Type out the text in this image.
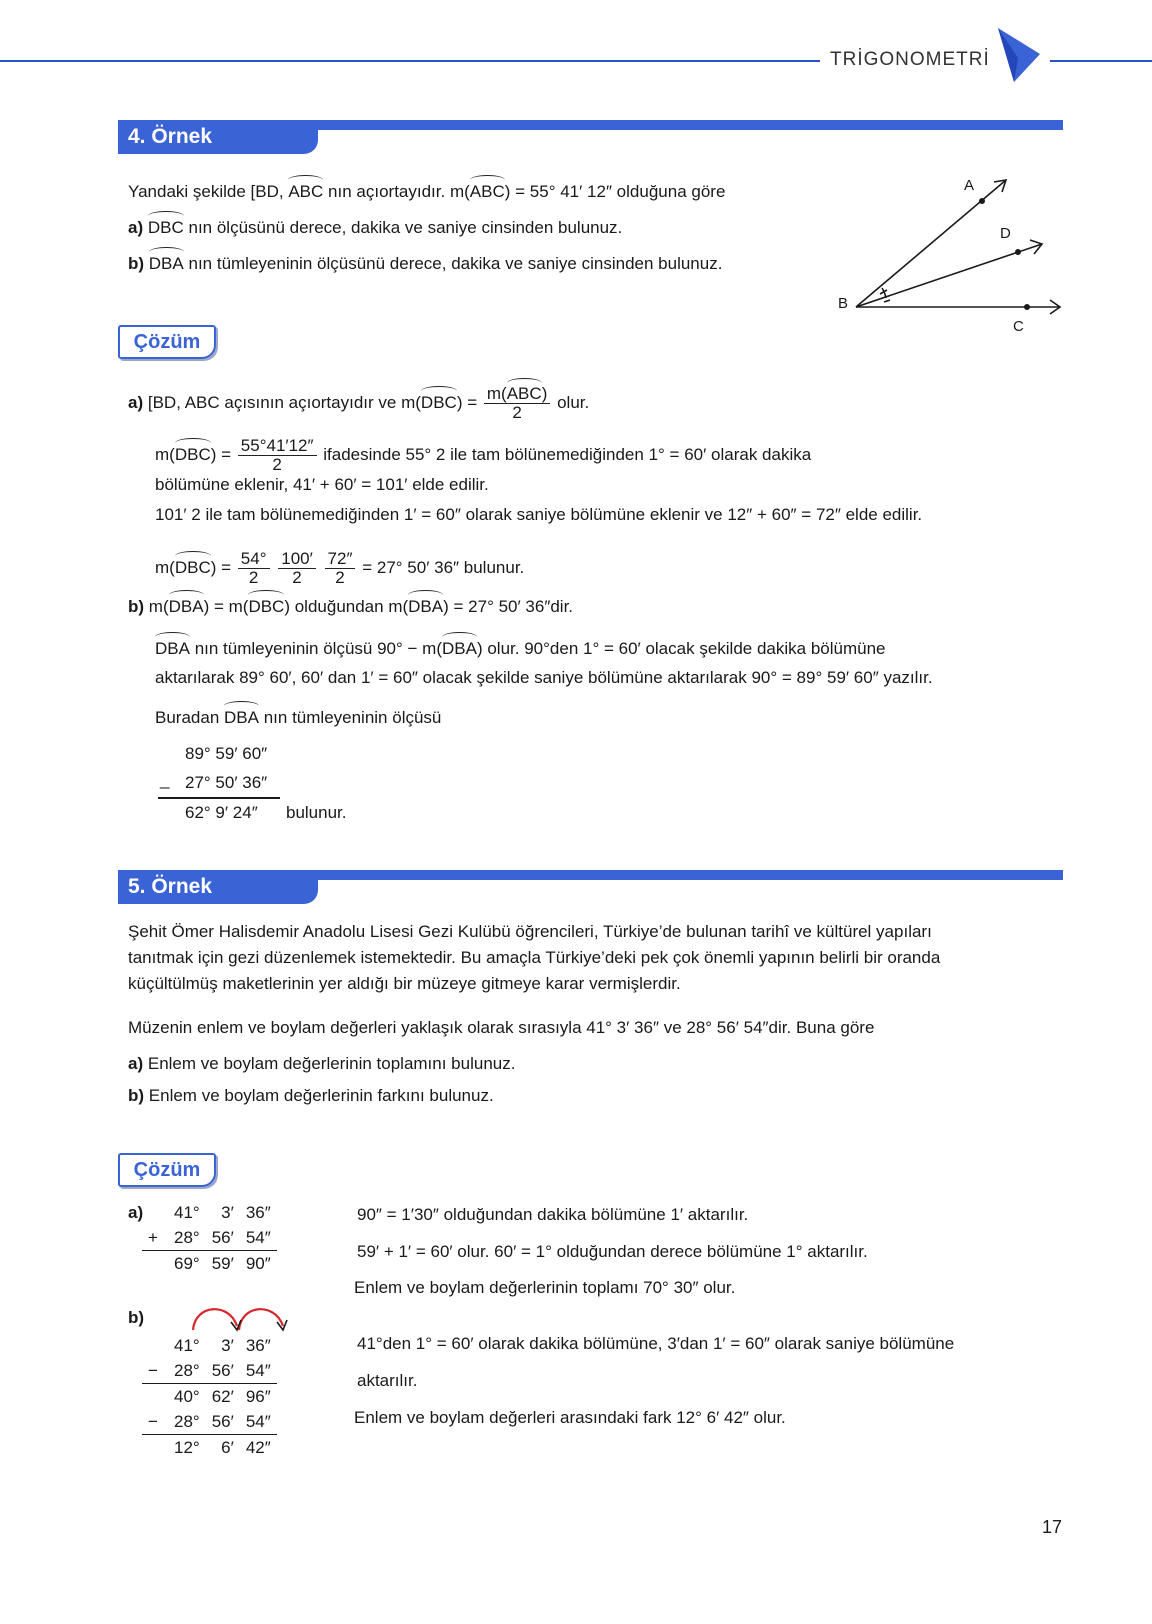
TRİGONOMETRİ
4. Örnek
Yandaki şekilde [BD, ABC nın açıortayıdır. m(ABC) = 55° 41′ 12″ olduğuna göre
a) DBC nın ölçüsünü derece, dakika ve saniye cinsinden bulunuz.
b) DBA nın tümleyeninin ölçüsünü derece, dakika ve saniye cinsinden bulunuz.
A
D
B
C
Çözüm
a) [BD, ABC açısının açıortayıdır ve $m(DBC) = \frac{\text{m(ABC)}}{2}$ olur.
$m(DBC) = \frac{55^\circ 41'12''}{2}$ ifadesinde 55° 2 ile tam bölünemediğinden 1° = 60′ olarak dakika
bölümüne eklenir, 41′ + 60′ = 101′ elde edilir.
101′ 2 ile tam bölünemediğinden 1′ = 60″ olarak saniye bölümüne eklenir ve 12″ + 60″ = 72″ elde edilir.
$m(DBC) = \frac{54^\circ}{2}$
$\frac{100'}{2}$
$\frac{72''}{2} = 27^\circ$ 50′ 36″ bulunur.
b) m(DBA) = m(DBC) olduğundan m(DBA) = 27° 50′ 36″dir.
DBA nın tümleyeninin ölçüsü 90° − m(DBA) olur. 90°den 1° = 60′ olacak şekilde dakika bölümüne
aktarılarak 89° 60′, 60′ dan 1′ = 60″ olacak şekilde saniye bölümüne aktarılarak 90° = 89° 59′ 60″ yazılır.
Buradan DBA nın tümleyeninin ölçüsü
89° 59′ 60″
_ 27° 50′ 36″
62° 9′ 24″ bulunur.
5. Örnek
Şehit Ömer Halisdemir Anadolu Lisesi Gezi Kulübü öğrencileri, Türkiye’de bulunan tarihî ve kültürel yapıları
tanıtmak için gezi düzenlemek istemektedir. Bu amaçla Türkiye’deki pek çok önemli yapının belirli bir oranda
küçültülmüş maketlerinin yer aldığı bir müzeye gitmeye karar vermişlerdir.
Müzenin enlem ve boylam değerleri yaklaşık olarak sırasıyla 41° 3′ 36″ ve 28° 56′ 54″dir. Buna göre
a) Enlem ve boylam değerlerinin toplamını bulunuz.
b) Enlem ve boylam değerlerinin farkını bulunuz.
Çözüm
a)
	41°	3′	36″
+	28°	56′	54″
	69°	59′	90″
90″ = 1′30″ olduğundan dakika bölümüne 1′ aktarılır.
59′ + 1′ = 60′ olur. 60′ = 1° olduğundan derece bölümüne 1° aktarılır.
Enlem ve boylam değerlerinin toplamı 70° 30″ olur.
b)
	41°	3′	36″
−	28°	56′	54″
	40°	62′	96″
−	28°	56′	54″
	12°	6′	42″
41°den 1° = 60′ olarak dakika bölümüne, 3′dan 1′ = 60″ olarak saniye bölümüne
aktarılır.
Enlem ve boylam değerleri arasındaki fark 12° 6′ 42″ olur.
17
